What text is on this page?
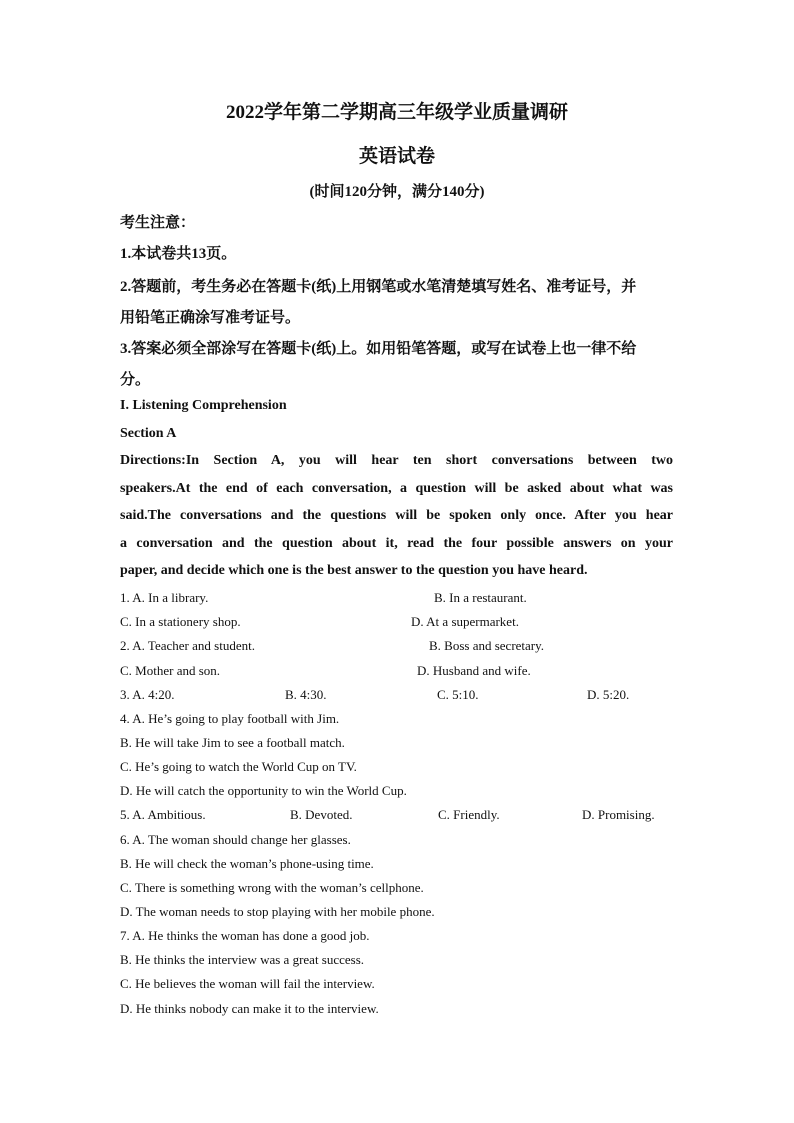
2022学年第二学期高三年级学业质量调研
英语试卷
(时间120分钟，满分140分)
考生注意：
1.本试卷共13页。
2.答题前，考生务必在答题卡(纸)上用钢笔或水笔清楚填写姓名、准考证号，并
用铅笔正确涂写准考证号。
3.答案必须全部涂写在答题卡(纸)上。如用铅笔答题，或写在试卷上也一律不给
分。
I. Listening Comprehension
Section A
Directions:In Section A, you will hear ten short conversations between two
speakers.At the end of each conversation, a question will be asked about what was
said.The conversations and the questions will be spoken only once. After you hear
a conversation and the question about it, read the four possible answers on your
paper, and decide which one is the best answer to the question you have heard.
1. A. In a library.	B. In a restaurant.
C. In a stationery shop.	D. At a supermarket.
2. A. Teacher and student.	B. Boss and secretary.
C. Mother and son.	D. Husband and wife.
3. A. 4:20.	B. 4:30.	C. 5:10.	D. 5:20.
4. A. He’s going to play football with Jim.
B. He will take Jim to see a football match.
C. He’s going to watch the World Cup on TV.
D. He will catch the opportunity to win the World Cup.
5. A. Ambitious.	B. Devoted.	C. Friendly.	D. Promising.
6. A. The woman should change her glasses.
B. He will check the woman’s phone-using time.
C. There is something wrong with the woman’s cellphone.
D. The woman needs to stop playing with her mobile phone.
7. A. He thinks the woman has done a good job.
B. He thinks the interview was a great success.
C. He believes the woman will fail the interview.
D. He thinks nobody can make it to the interview.
